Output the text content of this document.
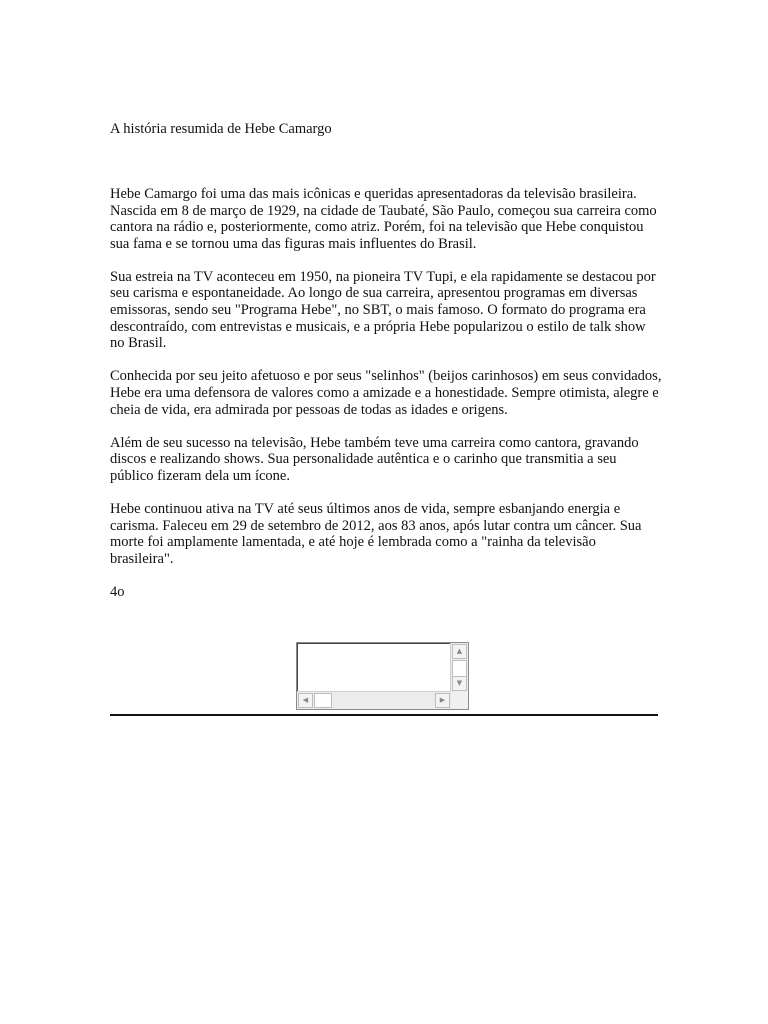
A história resumida de Hebe Camargo

Hebe Camargo foi uma das mais icônicas e queridas apresentadoras da televisão brasileira. Nascida em 8 de março de 1929, na cidade de Taubaté, São Paulo, começou sua carreira como cantora na rádio e, posteriormente, como atriz. Porém, foi na televisão que Hebe conquistou sua fama e se tornou uma das figuras mais influentes do Brasil.

Sua estreia na TV aconteceu em 1950, na pioneira TV Tupi, e ela rapidamente se destacou por seu carisma e espontaneidade. Ao longo de sua carreira, apresentou programas em diversas emissoras, sendo seu "Programa Hebe", no SBT, o mais famoso. O formato do programa era descontraído, com entrevistas e musicais, e a própria Hebe popularizou o estilo de talk show no Brasil.

Conhecida por seu jeito afetuoso e por seus "selinhos" (beijos carinhosos) em seus convidados, Hebe era uma defensora de valores como a amizade e a honestidade. Sempre otimista, alegre e cheia de vida, era admirada por pessoas de todas as idades e origens.

Além de seu sucesso na televisão, Hebe também teve uma carreira como cantora, gravando discos e realizando shows. Sua personalidade autêntica e o carinho que transmitia a seu público fizeram dela um ícone.

Hebe continuou ativa na TV até seus últimos anos de vida, sempre esbanjando energia e carisma. Faleceu em 29 de setembro de 2012, aos 83 anos, após lutar contra um câncer. Sua morte foi amplamente lamentada, e até hoje é lembrada como a "rainha da televisão brasileira".

4o

▲
▼
◀	▶
